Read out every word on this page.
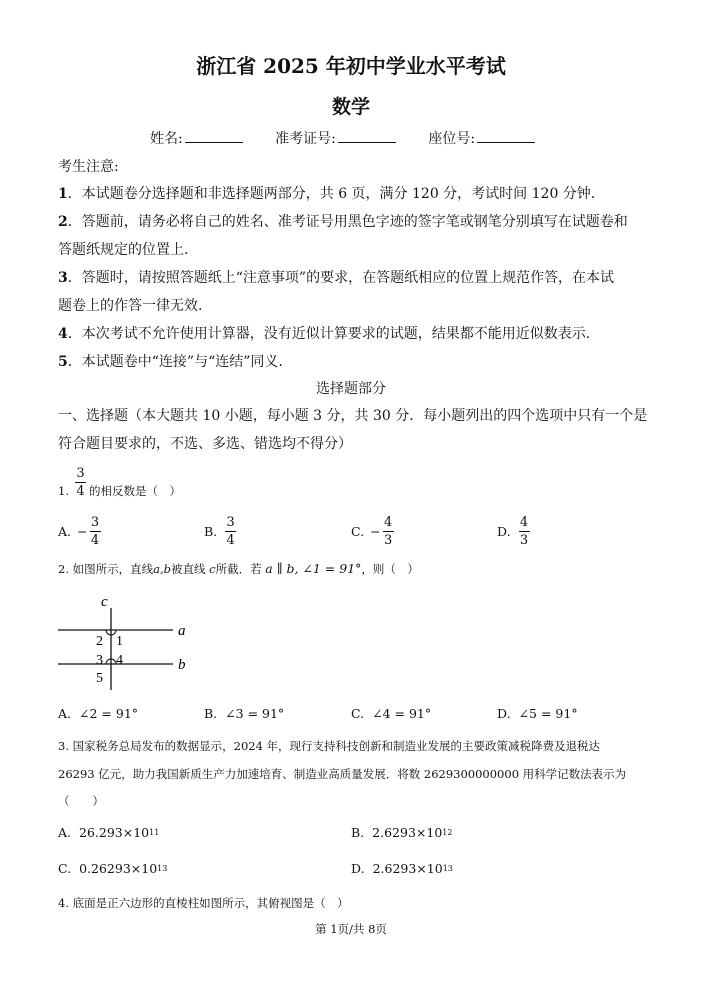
浙江省 2025 年初中学业水平考试
数学
姓名:	准考证号:	座位号:
考生注意:
1．本试题卷分选择题和非选择题两部分，共 6 页，满分 120 分，考试时间 120 分钟.
2．答题前，请务必将自己的姓名、准考证号用黑色字迹的签字笔或钢笔分别填写在试题卷和
答题纸规定的位置上.
3．答题时，请按照答题纸上“注意事项”的要求，在答题纸相应的位置上规范作答，在本试
题卷上的作答一律无效.
4．本次考试不允许使用计算器，没有近似计算要求的试题，结果都不能用近似数表示.
5．本试题卷中“连接”与“连结”同义.
选择题部分
一、选择题（本大题共 10 小题，每小题 3 分，共 30 分．每小题列出的四个选项中只有一个是
符合题目要求的，不选、多选、错选均不得分）
1. $\frac{3}{4}$ 的相反数是（　）
A. − $\frac{3}{4}$	B. $\frac{3}{4}$	C. − $\frac{4}{3}$	D. $\frac{4}{3}$
2. 如图所示，直线a,b被直线 c所截．若 a ∥ b, ∠1 = 91°，则（　）
c
a
b
2 1
3 4
5
A. ∠2 = 91°	B. ∠3 = 91°	C. ∠4 = 91°	D. ∠5 = 91°
3. 国家税务总局发布的数据显示，2024 年，现行支持科技创新和制造业发展的主要政策减税降费及退税达
26293 亿元，助力我国新质生产力加速培育、制造业高质量发展．将数 2629300000000 用科学记数法表示为
（　　）
A. 26.293×10 11	B. 2.6293×10 12
C. 0.26293×10 13	D. 2.6293×10 13
4. 底面是正六边形的直棱柱如图所示，其俯视图是（　）
第 1页/共 8页
